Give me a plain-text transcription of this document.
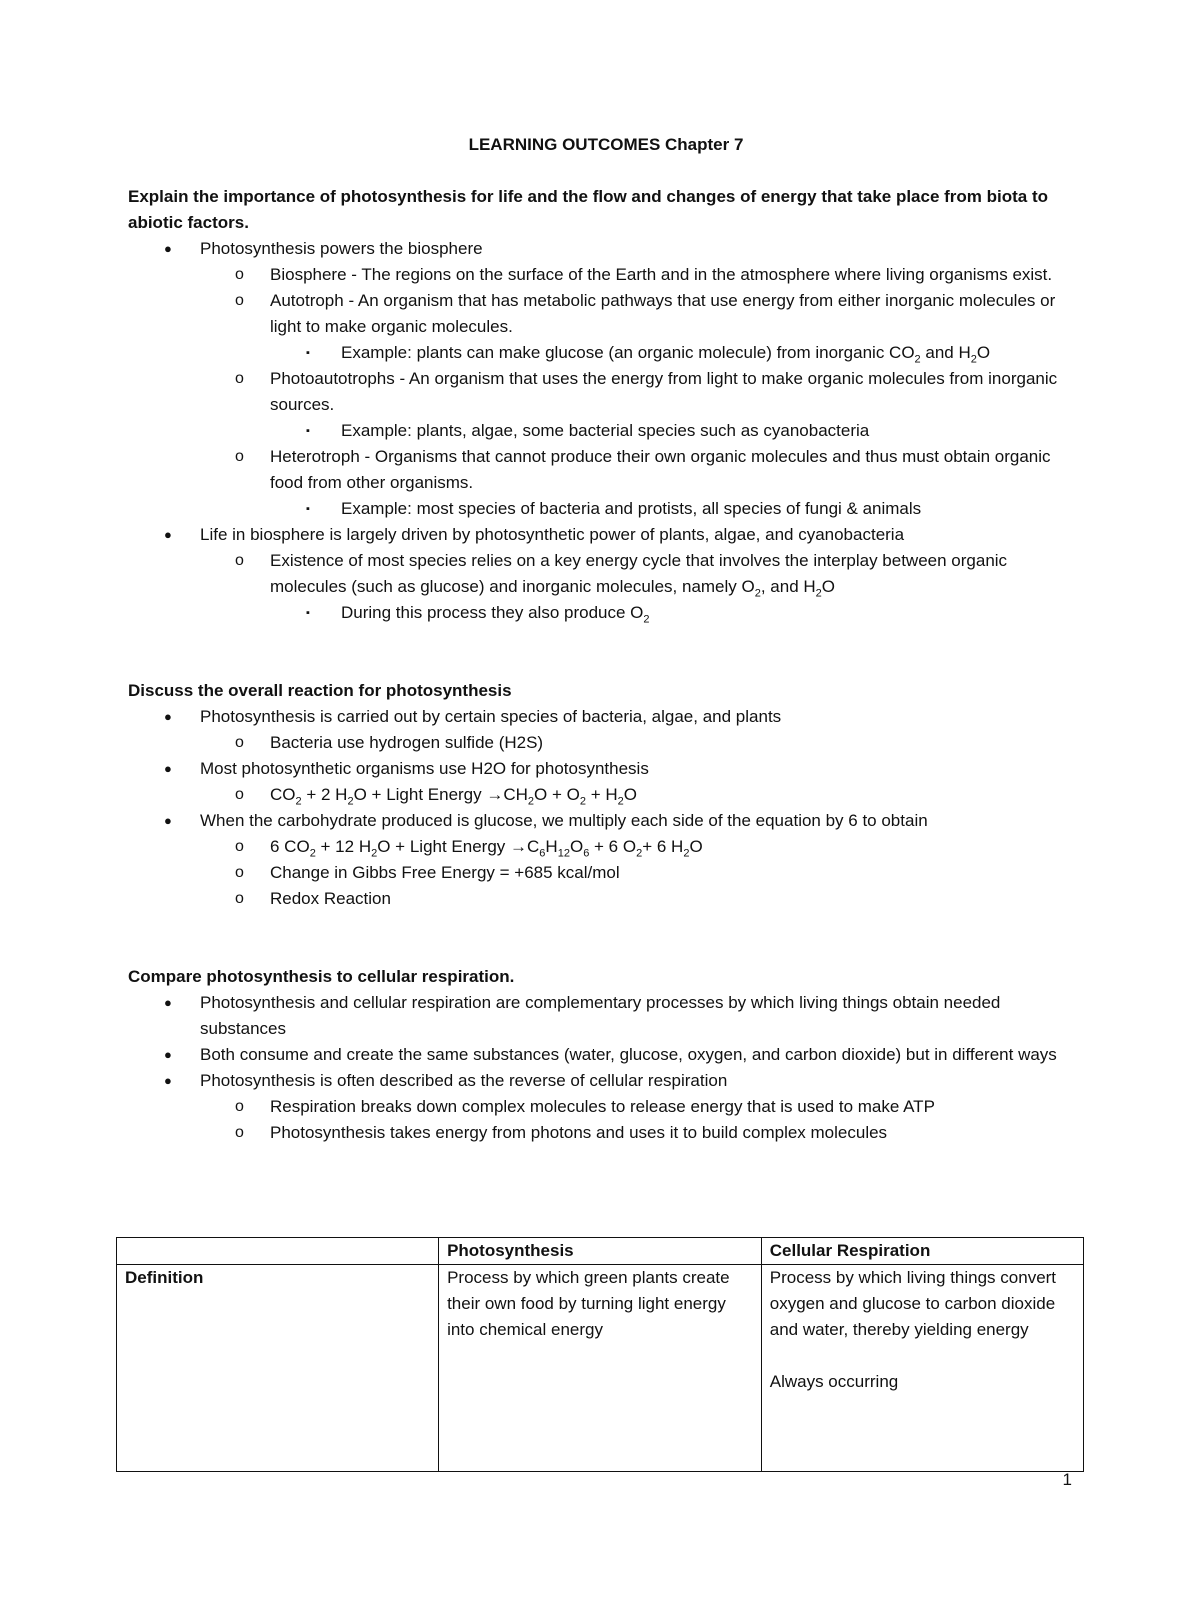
LEARNING OUTCOMES Chapter 7
Explain the importance of photosynthesis for life and the flow and changes of energy that take place from biota to abiotic factors.
● Photosynthesis powers the biosphere
o Biosphere - The regions on the surface of the Earth and in the atmosphere where living organisms exist.
o Autotroph - An organism that has metabolic pathways that use energy from either inorganic molecules or light to make organic molecules.
▪ Example: plants can make glucose (an organic molecule) from inorganic $CO_2$ and $H_2O$
o Photoautotrophs - An organism that uses the energy from light to make organic molecules from inorganic sources.
▪ Example: plants, algae, some bacterial species such as cyanobacteria
o Heterotroph - Organisms that cannot produce their own organic molecules and thus must obtain organic food from other organisms.
▪ Example: most species of bacteria and protists, all species of fungi & animals
● Life in biosphere is largely driven by photosynthetic power of plants, algae, and cyanobacteria
o Existence of most species relies on a key energy cycle that involves the interplay between organic molecules (such as glucose) and inorganic molecules, namely $O_2$, and $H_2O$
▪ During this process they also produce $O_2$
Discuss the overall reaction for photosynthesis
● Photosynthesis is carried out by certain species of bacteria, algae, and plants
o Bacteria use hydrogen sulfide (H2S)
● Most photosynthetic organisms use H2O for photosynthesis
o $CO_2 + 2$ $H_2O$ + Light Energy $\to CH_2O + O_2 + H_2O$
● When the carbohydrate produced is glucose, we multiply each side of the equation by 6 to obtain
o 6 $CO_2 + 12$ $H_2O$ + Light Energy $\to C_6H_{12}O_6 + 6$ $O_2+ 6$ $H_2O$
o Change in Gibbs Free Energy = +685 kcal/mol
o Redox Reaction
Compare photosynthesis to cellular respiration.
● Photosynthesis and cellular respiration are complementary processes by which living things obtain needed substances
● Both consume and create the same substances (water, glucose, oxygen, and carbon dioxide) but in different ways
● Photosynthesis is often described as the reverse of cellular respiration
o Respiration breaks down complex molecules to release energy that is used to make ATP
o Photosynthesis takes energy from photons and uses it to build complex molecules
	Photosynthesis	Cellular Respiration
Definition	Process by which green plants create their own food by turning light energy into chemical energy	Process by which living things convert oxygen and glucose to carbon dioxide and water, thereby yielding energy
Always occurring
1
